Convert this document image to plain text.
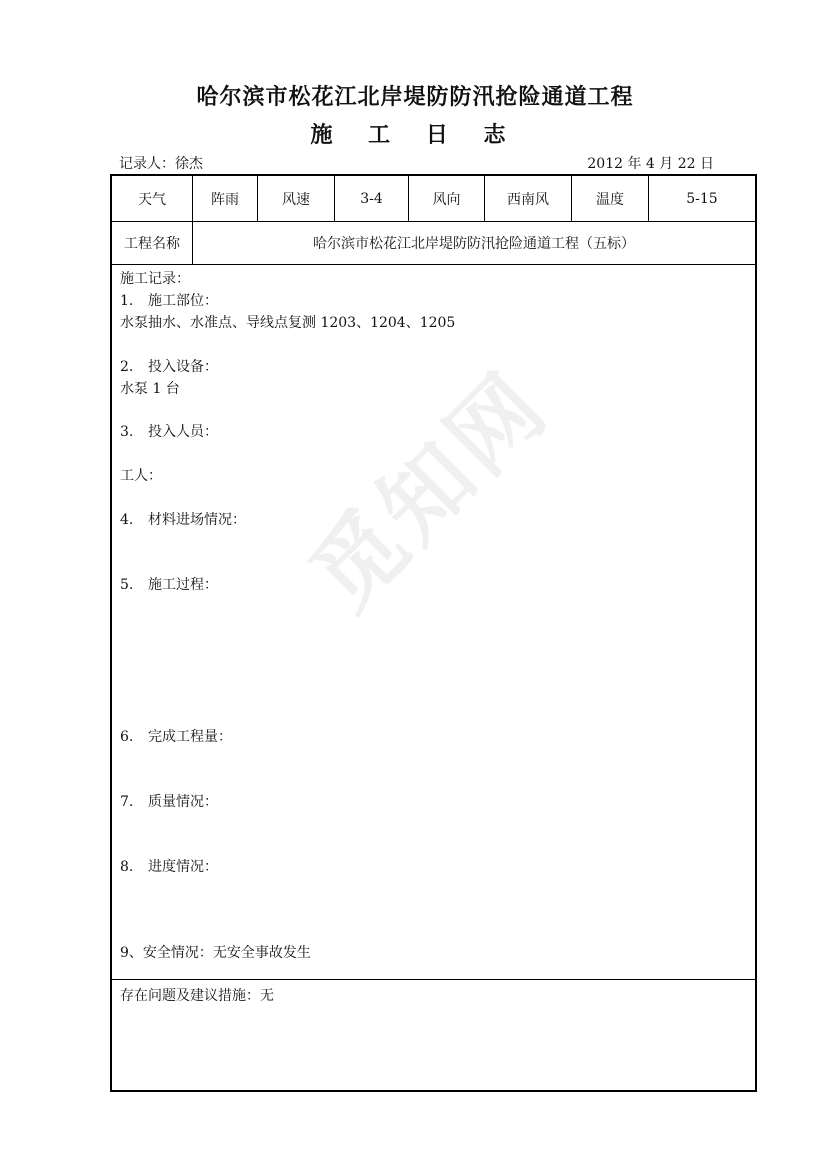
觅知网
哈尔滨市松花江北岸堤防防汛抢险通道工程
施 工 日 志
记录人：徐杰	2012 年 4 月 22 日
天气	阵雨	风速	3-4	风向	西南风	温度	5-15
工程名称	哈尔滨市松花江北岸堤防防汛抢险通道工程（五标）
施工记录：
1. 施工部位：
水泵抽水、水准点、导线点复测 1203、1204、1205
2. 投入设备：
水泵 1 台
3. 投入人员：
工人：
4. 材料进场情况：
5. 施工过程：
6. 完成工程量：
7. 质量情况：
8. 进度情况：
9、安全情况：无安全事故发生
存在问题及建议措施：无
